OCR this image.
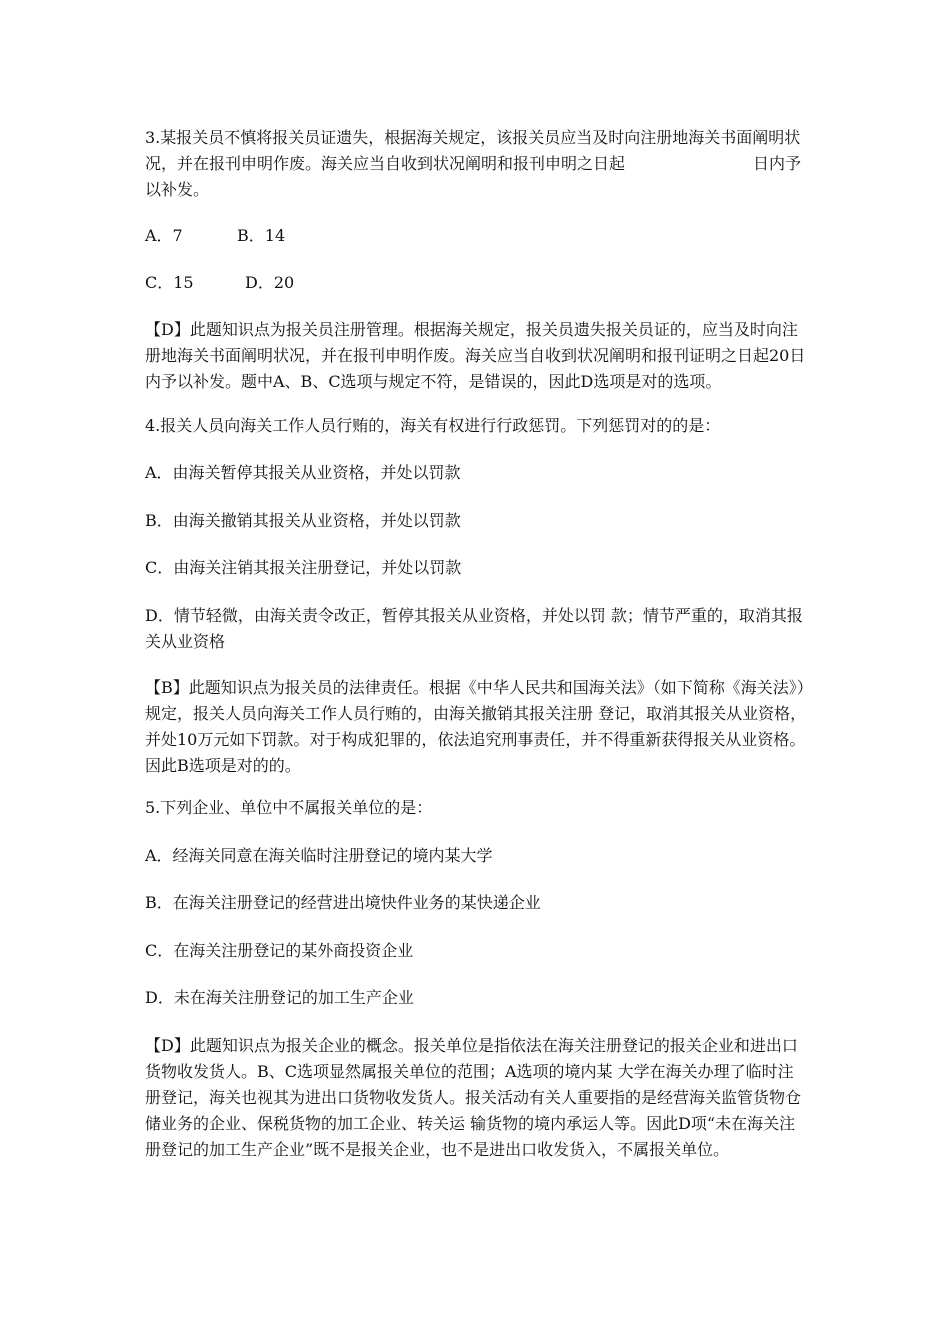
3.某报关员不慎将报关员证遗失，根据海关规定，该报关员应当及时向注册地海关书面阐明状况，并在报刊申明作废。海关应当自收到状况阐明和报刊申明之日起　　　　　　　　日内予以补发。

A．7	B．14

C．15	D．20

【D】此题知识点为报关员注册管理。根据海关规定，报关员遗失报关员证的，应当及时向注册地海关书面阐明状况，并在报刊申明作废。海关应当自收到状况阐明和报刊证明之日起20日内予以补发。题中A、B、C选项与规定不符，是错误的，因此D选项是对的选项。

4.报关人员向海关工作人员行贿的，海关有权进行行政惩罚。下列惩罚对的的是：

A．由海关暂停其报关从业资格，并处以罚款

B．由海关撤销其报关从业资格，并处以罚款

C．由海关注销其报关注册登记，并处以罚款

D．情节轻微，由海关责令改正，暂停其报关从业资格，并处以罚 款；情节严重的，取消其报关从业资格

【B】此题知识点为报关员的法律责任。根据《中华人民共和国海关法》（如下简称《海关法》）规定，报关人员向海关工作人员行贿的，由海关撤销其报关注册 登记，取消其报关从业资格，并处10万元如下罚款。对于构成犯罪的，依法追究刑事责任，并不得重新获得报关从业资格。因此B选项是对的的。

5.下列企业、单位中不属报关单位的是：

A．经海关同意在海关临时注册登记的境内某大学

B．在海关注册登记的经营进出境快件业务的某快递企业

C．在海关注册登记的某外商投资企业

D．未在海关注册登记的加工生产企业

【D】此题知识点为报关企业的概念。报关单位是指依法在海关注册登记的报关企业和进出口货物收发货人。B、C选项显然属报关单位的范围；A选项的境内某 大学在海关办理了临时注册登记，海关也视其为进出口货物收发货人。报关活动有关人重要指的是经营海关监管货物仓储业务的企业、保税货物的加工企业、转关运 输货物的境内承运人等。因此D项“未在海关注册登记的加工生产企业”既不是报关企业，也不是进出口收发货入，不属报关单位。
